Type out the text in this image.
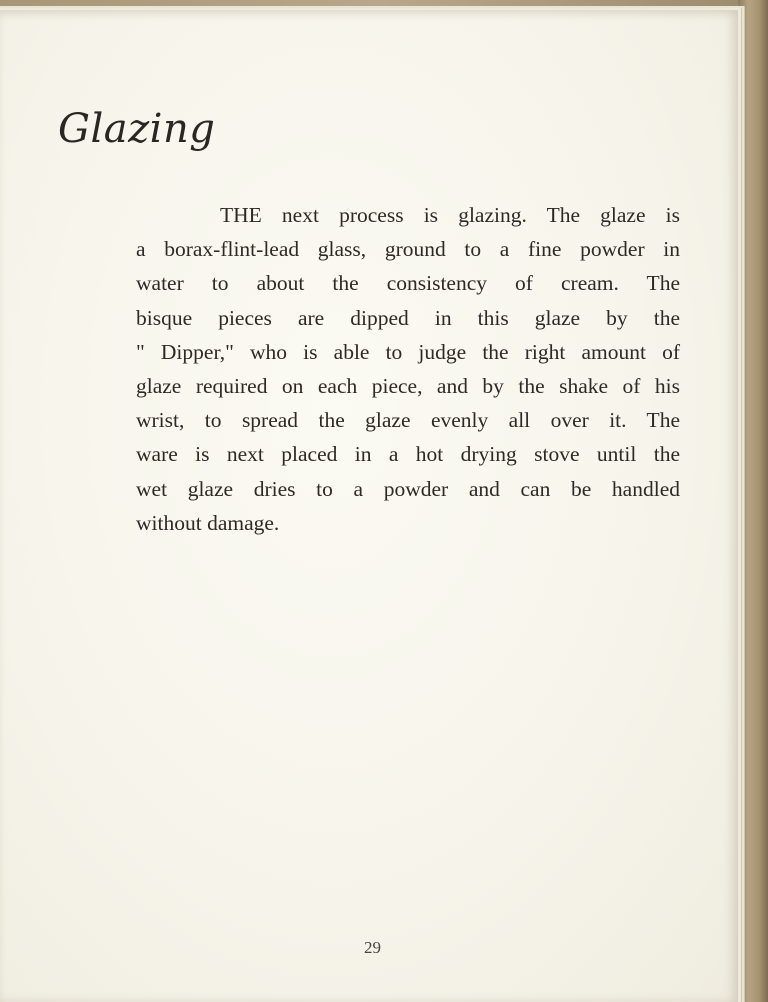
Glazing
THE next process is glazing. The glaze is
a borax-flint-lead glass, ground to a fine powder in
water to about the consistency of cream. The
bisque pieces are dipped in this glaze by the
" Dipper," who is able to judge the right amount of
glaze required on each piece, and by the shake of his
wrist, to spread the glaze evenly all over it. The
ware is next placed in a hot drying stove until the
wet glaze dries to a powder and can be handled
without damage.
29
